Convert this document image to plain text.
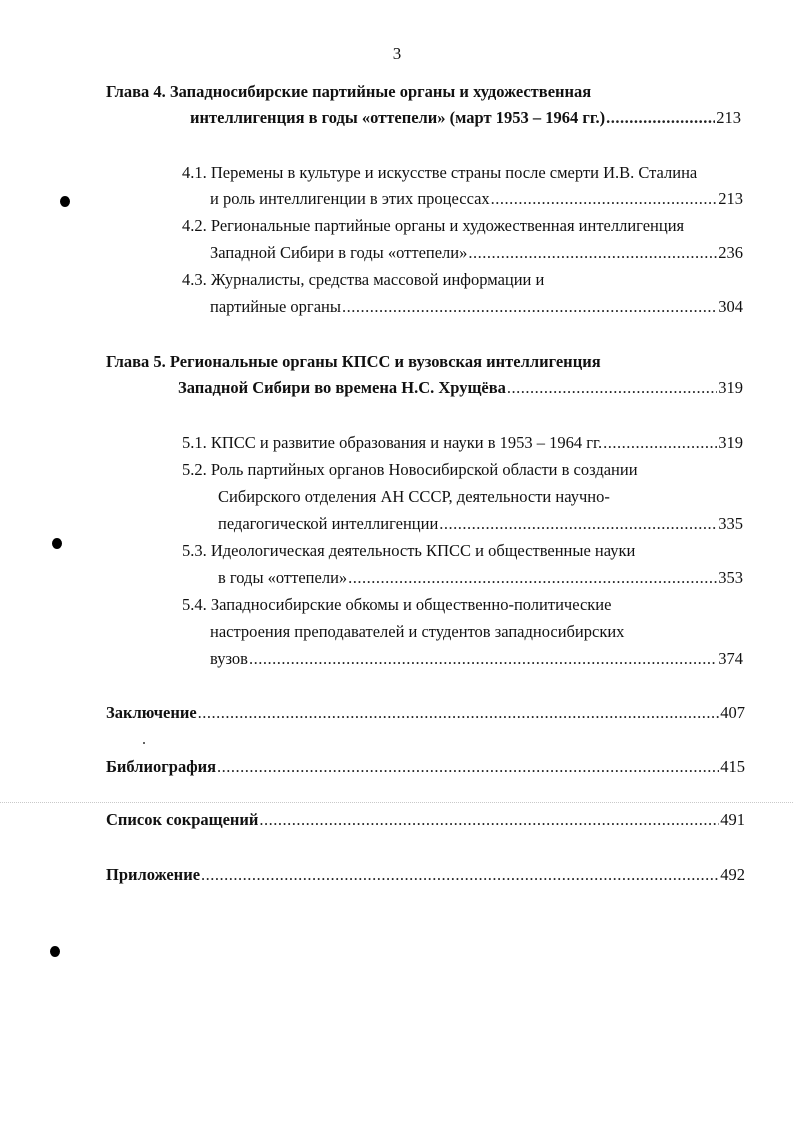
3
Глава 4. Западносибирские партийные органы и художественная
интеллигенция в годы «оттепели» (март 1953 – 1964 гг.) .....	213
4.1. Перемены в культуре и искусстве страны после смерти И.В. Сталина
и роль интеллигенции в этих процессах .....	213
4.2. Региональные партийные органы и художественная интеллигенция
Западной Сибири в годы «оттепели» .....	236
4.3. Журналисты, средства массовой информации и
партийные органы .....	304
Глава 5. Региональные органы КПСС и вузовская интеллигенция
Западной Сибири во времена Н.С. Хрущёва .....	319
5.1. КПСС и развитие образования и науки в 1953 – 1964 гг. .....	319
5.2. Роль партийных органов Новосибирской области в создании
Сибирского отделения АН СССР, деятельности научно-
педагогической интеллигенции .....	335
5.3. Идеологическая деятельность КПСС и общественные науки
в годы «оттепели» .....	353
5.4. Западносибирские обкомы и общественно-политические
настроения преподавателей и студентов западносибирских
вузов .....	374
Заключение .....	407
Библиография .....	415
Список сокращений .....	491
Приложение .....	492
